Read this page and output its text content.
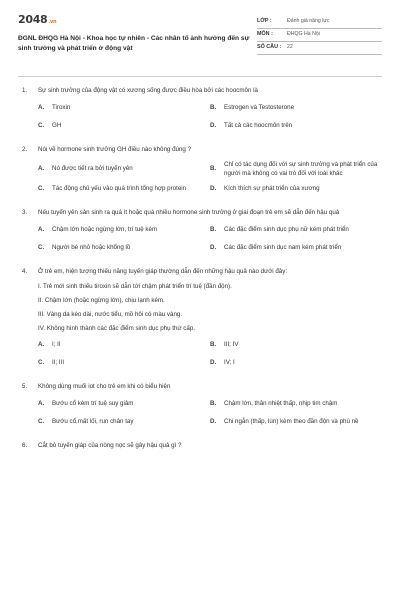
2048.vn
ĐGNL ĐHQG Hà Nội - Khoa học tự nhiên - Các nhân tố ảnh hưởng đến sự sinh trưởng và phát triển ở động vật
LỚP :	Đánh giá năng lực
MÔN :	ĐHQG Hà Nội
SỐ CÂU :	22
1.	Sự sinh trưởng của động vật có xương sống được điều hòa bởi các hoocmôn là
A.	Tiroxin	B.	Estrogen và Testosterone
C.	GH	D.	Tất cả các hoocmôn trên
2.	Nói về hormone sinh trưởng GH điều nào không đúng ?
A.	Nó được tiết ra bởi tuyến yên	B.
Chỉ có tác dụng đối với sự sinh trưởng và phát triển của người mà không có vai trò đối với loài khác
C.	Tác động chủ yếu vào quá trình tổng hợp protein	D.	Kích thích sự phát triển của xương
3.	Nếu tuyến yên sản sinh ra quá ít hoặc quá nhiều hormone sinh trưởng ở giai đoạn trẻ em sẽ dẫn đến hậu quả
A.	Chậm lớn hoặc ngừng lớn, trí tuệ kém	B.	Các đặc điểm sinh dục phụ nữ kém phát triển
C.	Người bé nhỏ hoặc khổng lồ	D.	Các đặc điểm sinh dục nam kém phát triển
4.	Ở trẻ em, hiện tượng thiếu năng tuyến giáp thường dẫn đến những hậu quả nào dưới đây:
I. Trẻ mới sinh thiếu tiroxin sẽ dẫn tới chậm phát triển trí tuệ (đần độn).
II. Chậm lớn (hoặc ngừng lớn), chịu lạnh kém.
III. Vàng da kéo dài, nước tiểu, mồ hôi có màu vàng.
IV. Không hình thành các đặc điểm sinh dục phụ thứ cấp.
A.	I; II	B.	III; IV
C.	II; III	D.	IV; I
5.	Không dùng muối iot cho trẻ em khi có biểu hiện
A.	Bướu cổ kèm trí tuệ suy giảm	B.	Chậm lớn, thân nhiệt thấp, nhịp tim chậm
C.	Bướu cổ,mất lối, run chân tay	D.	Chi ngắn (thấp, lùn) kèm theo đần độn và phù nề
6.	Cắt bỏ tuyến giáp của nòng nọc sẽ gây hậu quả gì ?
